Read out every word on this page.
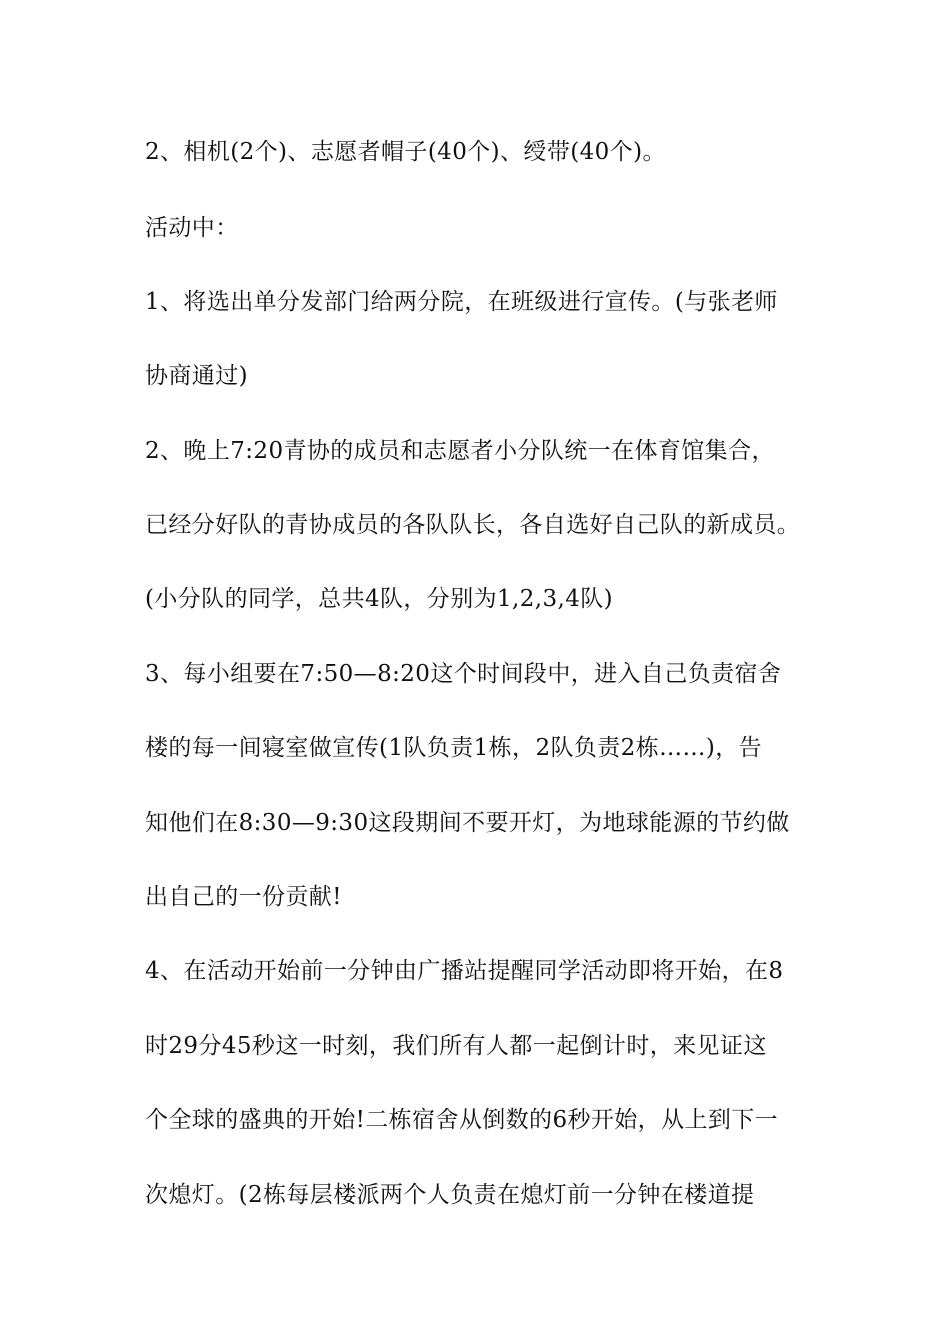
2、相机(2个)、志愿者帽子(40个)、绶带(40个)。

活动中：

1、将选出单分发部门给两分院，在班级进行宣传。(与张老师

协商通过)

2、晚上7:20青协的成员和志愿者小分队统一在体育馆集合，

已经分好队的青协成员的各队队长，各自选好自己队的新成员。

(小分队的同学，总共4队，分别为1,2,3,4队)

3、每小组要在7:50—8:20这个时间段中，进入自己负责宿舍

楼的每一间寝室做宣传(1队负责1栋，2队负责2栋……)，告

知他们在8:30—9:30这段期间不要开灯，为地球能源的节约做

出自己的一份贡献!

4、在活动开始前一分钟由广播站提醒同学活动即将开始，在8

时29分45秒这一时刻，我们所有人都一起倒计时，来见证这

个全球的盛典的开始!二栋宿舍从倒数的6秒开始，从上到下一

次熄灯。(2栋每层楼派两个人负责在熄灯前一分钟在楼道提
